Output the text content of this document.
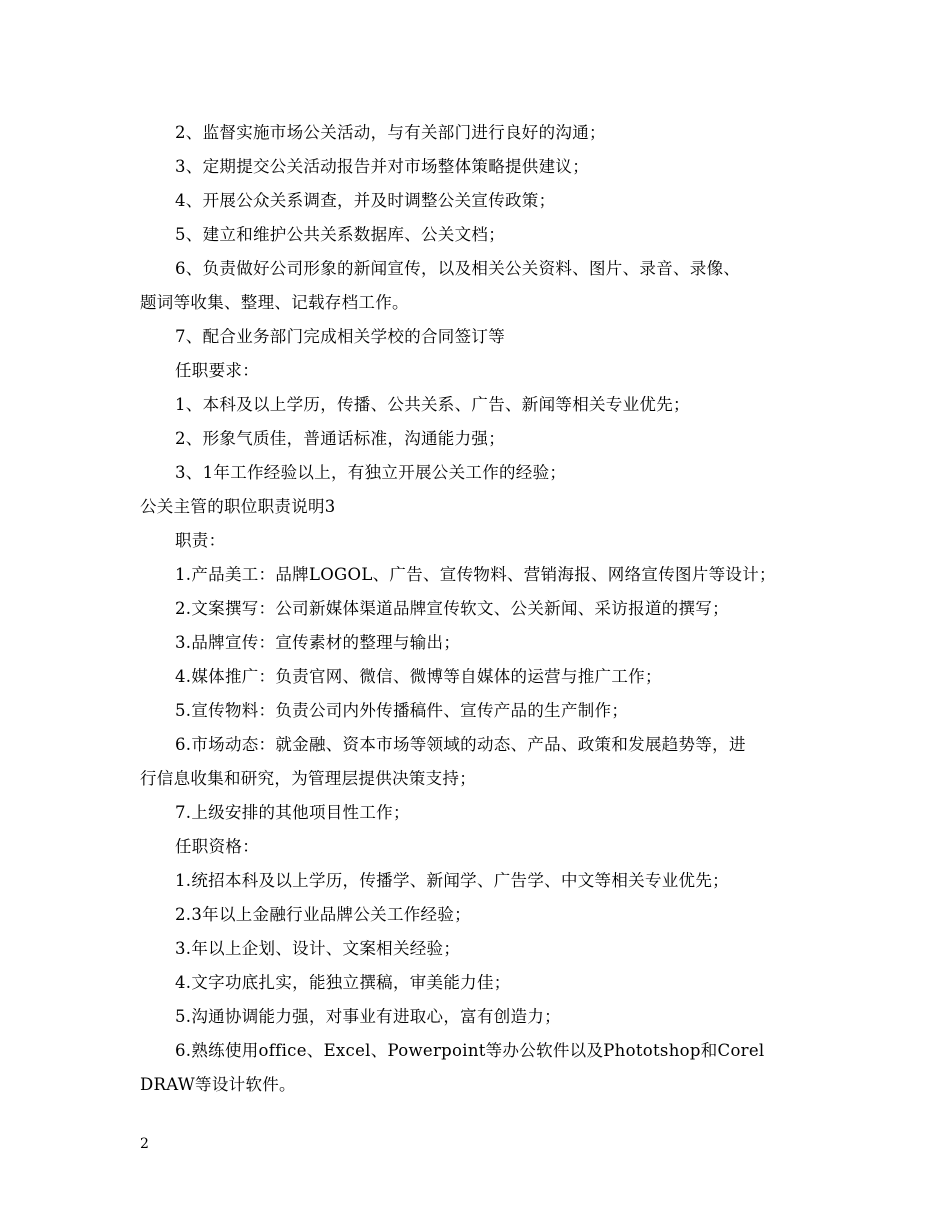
2、监督实施市场公关活动，与有关部门进行良好的沟通；
3、定期提交公关活动报告并对市场整体策略提供建议；
4、开展公众关系调查，并及时调整公关宣传政策；
5、建立和维护公共关系数据库、公关文档；
6、负责做好公司形象的新闻宣传，以及相关公关资料、图片、录音、录像、
题词等收集、整理、记载存档工作。
7、配合业务部门完成相关学校的合同签订等
任职要求：
1、本科及以上学历，传播、公共关系、广告、新闻等相关专业优先；
2、形象气质佳，普通话标准，沟通能力强；
3、1年工作经验以上，有独立开展公关工作的经验；
公关主管的职位职责说明3
职责：
1.产品美工：品牌LOGOL、广告、宣传物料、营销海报、网络宣传图片等设计；
2.文案撰写：公司新媒体渠道品牌宣传软文、公关新闻、采访报道的撰写；
3.品牌宣传：宣传素材的整理与输出；
4.媒体推广：负责官网、微信、微博等自媒体的运营与推广工作；
5.宣传物料：负责公司内外传播稿件、宣传产品的生产制作；
6.市场动态：就金融、资本市场等领域的动态、产品、政策和发展趋势等，进
行信息收集和研究，为管理层提供决策支持；
7.上级安排的其他项目性工作；
任职资格：
1.统招本科及以上学历，传播学、新闻学、广告学、中文等相关专业优先；
2.3年以上金融行业品牌公关工作经验；
3.年以上企划、设计、文案相关经验；
4.文字功底扎实，能独立撰稿，审美能力佳；
5.沟通协调能力强，对事业有进取心，富有创造力；
6.熟练使用office、Excel、Powerpoint等办公软件以及Phototshop和Corel
DRAW等设计软件。
2
